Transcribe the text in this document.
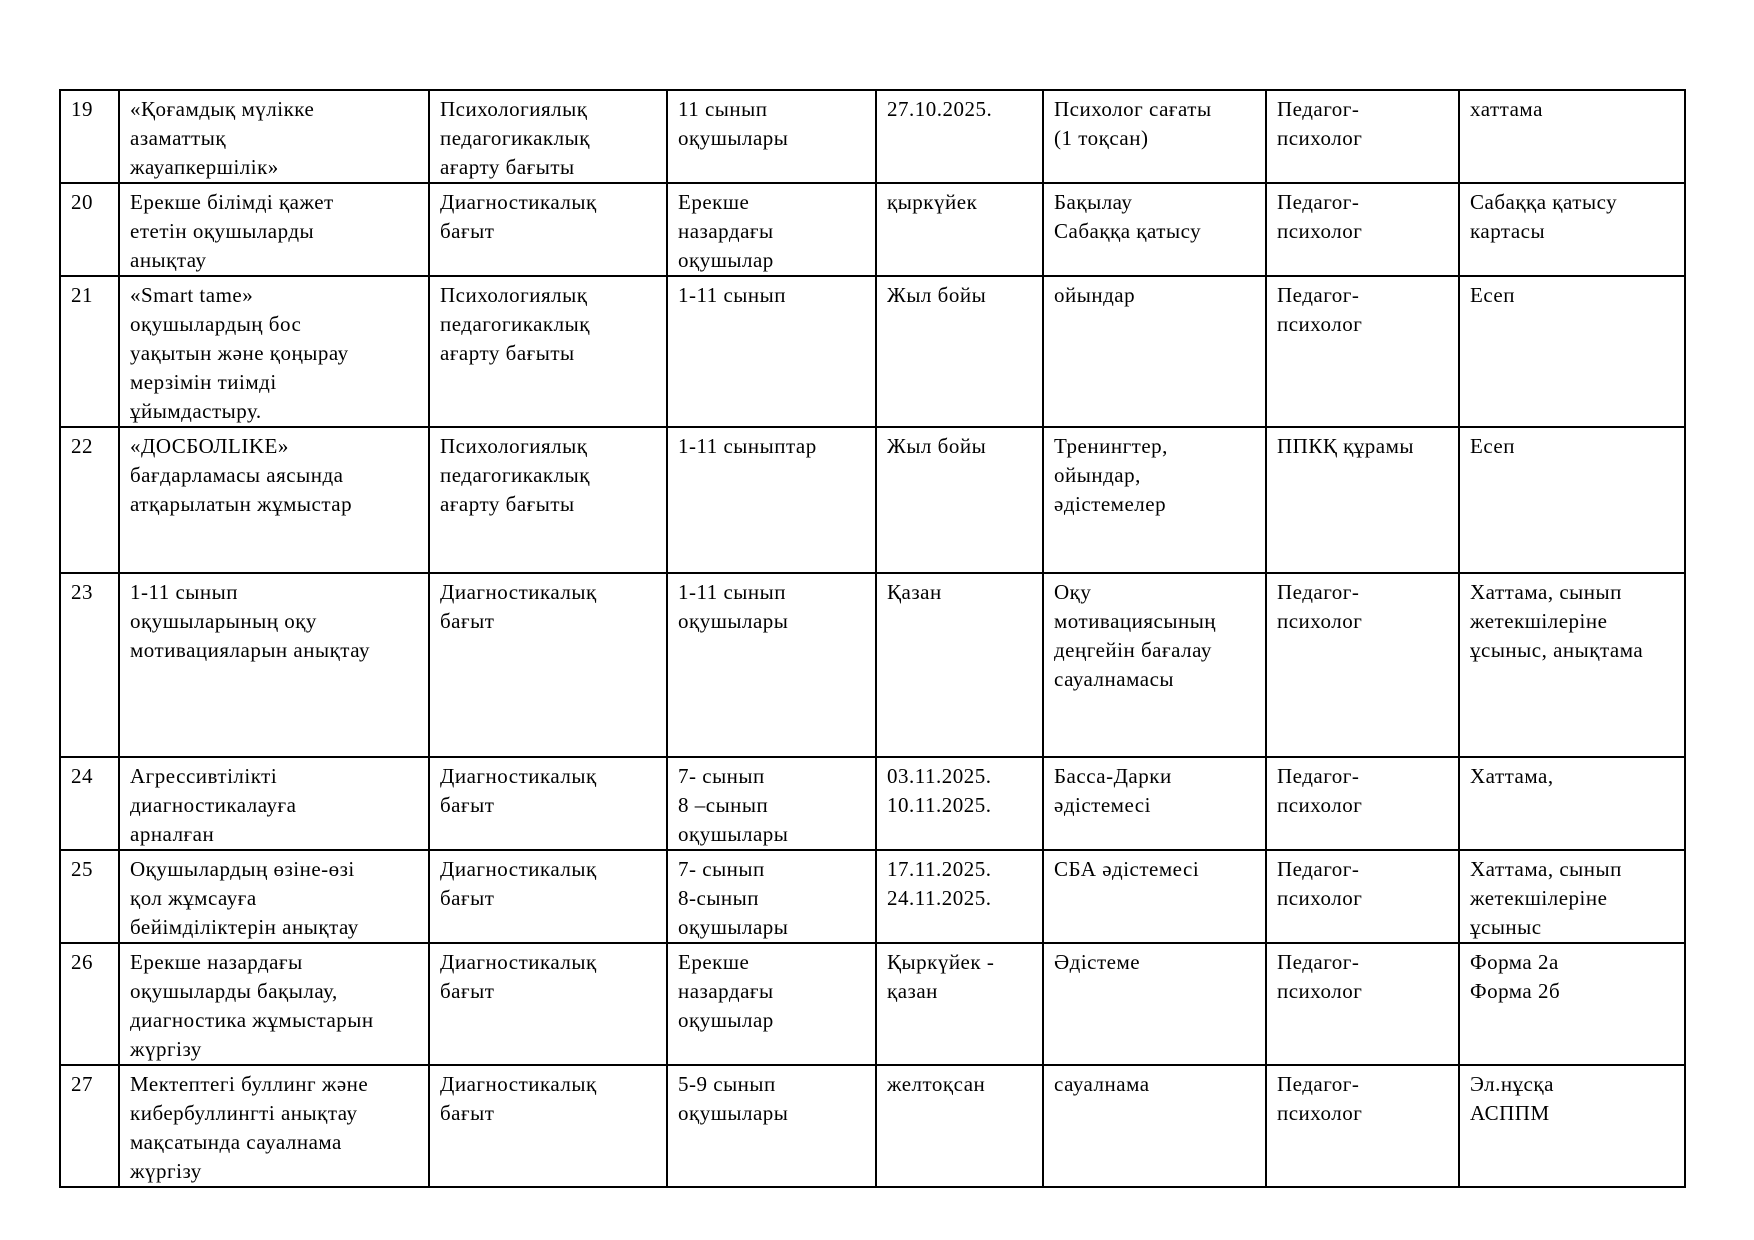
19	«Қоғамдық мүлікке
азаматтық
жауапкершілік»	Психологиялық
педагогикаклық
ағарту бағыты	11 сынып
оқушылары	27.10.2025.	Психолог сағаты
(1 тоқсан)	Педагог-
психолог	хаттама
20	Ерекше білімді қажет
ететін оқушыларды
анықтау	Диагностикалық
бағыт	Ерекше
назардағы
оқушылар	қыркүйек	Бақылау
Сабаққа қатысу	Педагог-
психолог	Сабаққа қатысу
картасы
21	«Smart tame»
оқушылардың бос
уақытын және қоңырау
мерзімін тиімді
ұйымдастыру.	Психологиялық
педагогикаклық
ағарту бағыты	1-11 сынып	Жыл бойы	ойындар	Педагог-
психолог	Есеп
22	«ДОСБОЛLIKE»
бағдарламасы аясында
атқарылатын жұмыстар	Психологиялық
педагогикаклық
ағарту бағыты	1-11 сыныптар	Жыл бойы	Тренингтер,
ойындар,
әдістемелер	ППКҚ құрамы	Есеп
23	1-11 сынып
оқушыларының оқу
мотивацияларын анықтау	Диагностикалық
бағыт	1-11 сынып
оқушылары	Қазан	Оқу
мотивациясының
деңгейін бағалау
сауалнамасы	Педагог-
психолог	Хаттама, сынып
жетекшілеріне
ұсыныс, анықтама
24	Агрессивтілікті
диагностикалауға
арналған	Диагностикалық
бағыт	7- сынып
8 –сынып
оқушылары	03.11.2025.
10.11.2025.	Басса-Дарки
әдістемесі	Педагог-
психолог	Хаттама,
25	Оқушылардың өзіне-өзі
қол жұмсауға
бейімділіктерін анықтау	Диагностикалық
бағыт	7- сынып
8-сынып
оқушылары	17.11.2025.
24.11.2025.	СБА әдістемесі	Педагог-
психолог	Хаттама, сынып
жетекшілеріне
ұсыныс
26	Ерекше назардағы
оқушыларды бақылау,
диагностика жұмыстарын
жүргізу	Диагностикалық
бағыт	Ерекше
назардағы
оқушылар	Қыркүйек -
қазан	Әдістеме	Педагог-
психолог	Форма 2а
Форма 2б
27	Мектептегі буллинг және
кибербуллингті анықтау
мақсатында сауалнама
жүргізу	Диагностикалық
бағыт	5-9 сынып
оқушылары	желтоқсан	сауалнама	Педагог-
психолог	Эл.нұсқа
АСППМ
